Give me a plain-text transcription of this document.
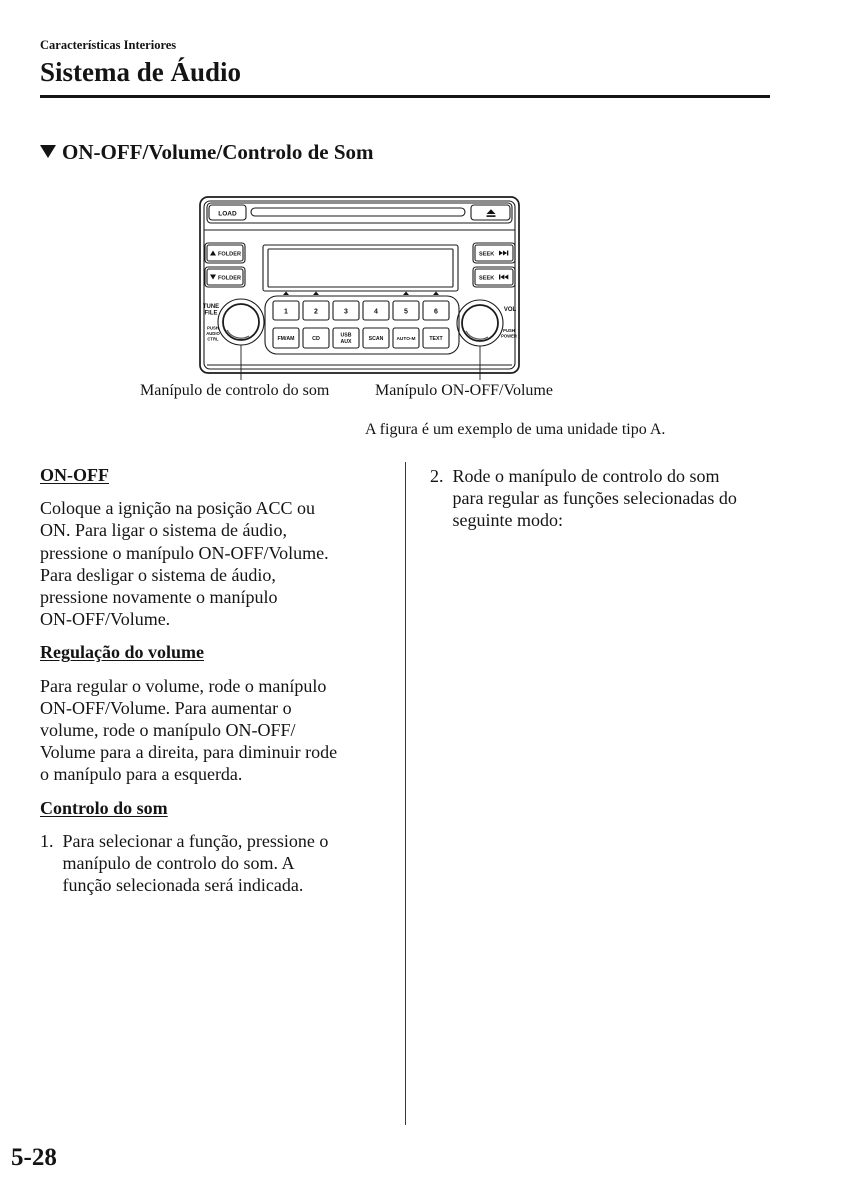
Características Interiores
Sistema de Áudio
ON-OFF/Volume/Controlo de Som
LOAD
FOLDER
FOLDER
SEEK
SEEK
1	2	3	4	5	6
FM/AM	CD
USB
AUX	SCAN	AUTO-M	TEXT
TUNE
FILE
PUSH
AUDIO
CTRL
VOL
PUSH
POWER
Manípulo de controlo do som	Manípulo ON-OFF/Volume
A figura é um exemplo de uma unidade tipo A.
ON-OFF

Coloque a ignição na posição ACC ou
ON. Para ligar o sistema de áudio,
pressione o manípulo ON-OFF/Volume.
Para desligar o sistema de áudio,
pressione novamente o manípulo
ON-OFF/Volume.

Regulação do volume

Para regular o volume, rode o manípulo
ON-OFF/Volume. Para aumentar o
volume, rode o manípulo ON-OFF/
Volume para a direita, para diminuir rode
o manípulo para a esquerda.

Controlo do som
1. Para selecionar a função, pressione o
manípulo de controlo do som. A
função selecionada será indicada.
2. Rode o manípulo de controlo do som
para regular as funções selecionadas do
seguinte modo:
5-28
